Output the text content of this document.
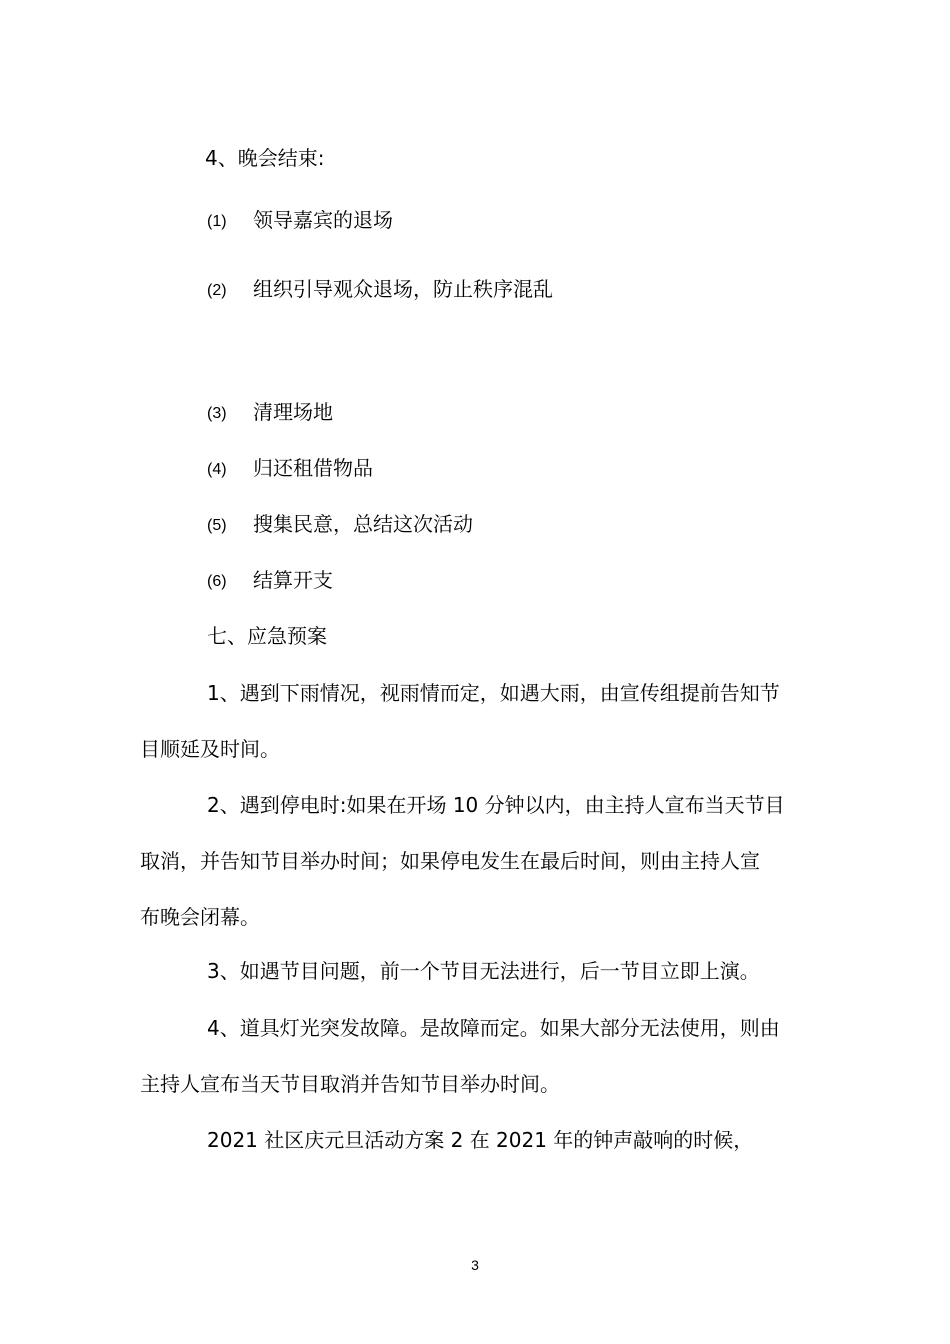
4、晚会结束:
(1) 领导嘉宾的退场
(2) 组织引导观众退场，防止秩序混乱
(3) 清理场地
(4) 归还租借物品
(5) 搜集民意，总结这次活动
(6) 结算开支
七、应急预案
1、遇到下雨情况，视雨情而定，如遇大雨，由宣传组提前告知节
目顺延及时间。
2、遇到停电时:如果在开场 10 分钟以内，由主持人宣布当天节目
取消，并告知节目举办时间；如果停电发生在最后时间，则由主持人宣
布晚会闭幕。
3、如遇节目问题，前一个节目无法进行，后一节目立即上演。
4、道具灯光突发故障。是故障而定。如果大部分无法使用，则由
主持人宣布当天节目取消并告知节目举办时间。
2021 社区庆元旦活动方案 2 在 2021 年的钟声敲响的时候，
3
